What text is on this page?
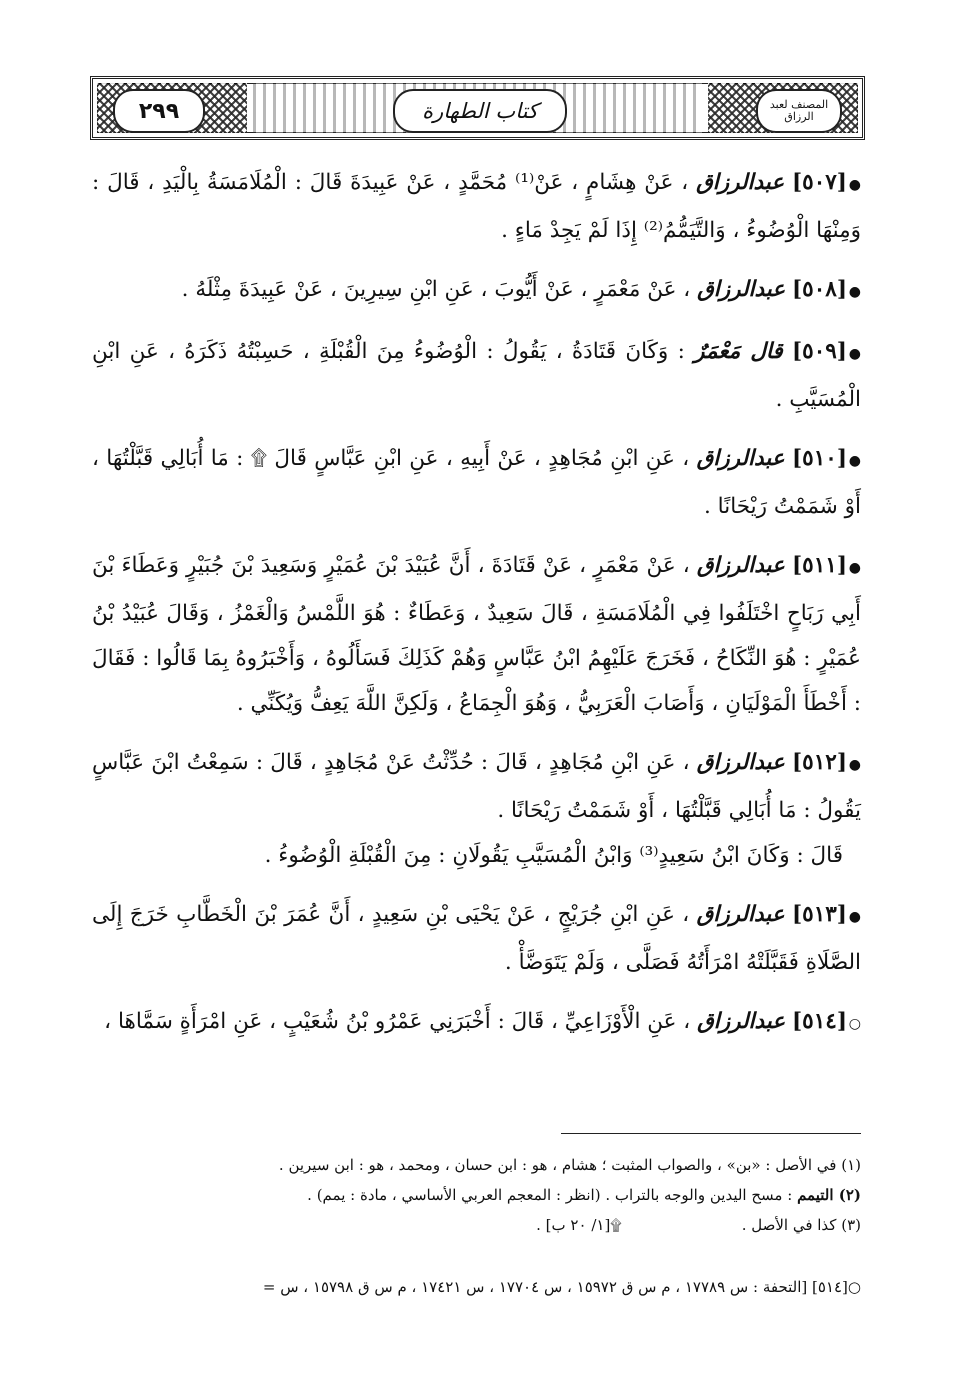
٢٩٩	كتاب الطهارة	المصنف لعبد الرزاق
●[٥٠٧] عبدالرزاق ، عَنْ هِشَامٍ ، عَنْ⁽¹⁾ مُحَمَّدٍ ، عَنْ عَبِيدَةَ قَالَ : الْمُلَامَسَةُ بِالْيَدِ ، قَالَ : وَمِنْهَا الْوُضُوءُ ، وَالتَّيَمُّمُ⁽²⁾ إِذَا لَمْ يَجِدْ مَاءٍ .
●[٥٠٨] عبدالرزاق ، عَنْ مَعْمَرٍ ، عَنْ أَيُّوبَ ، عَنِ ابْنِ سِيرِينَ ، عَنْ عَبِيدَةَ مِثْلَهُ .
●[٥٠٩] قال مَعْمَرٌ : وَكَانَ قَتَادَةُ ، يَقُولُ : الْوُضُوءُ مِنَ الْقُبْلَةِ ، حَسِبْتُهُ ذَكَرَهُ ، عَنِ ابْنِ الْمُسَيَّبِ .
●[٥١٠] عبدالرزاق ، عَنِ ابْنِ مُجَاهِدٍ ، عَنْ أَبِيهِ ، عَنِ ابْنِ عَبَّاسٍ قَالَ ۩ : مَا أُبَالِي قَبَّلْتُهَا ، أَوْ شَمَمْتُ رَيْحَانًا .
●[٥١١] عبدالرزاق ، عَنْ مَعْمَرٍ ، عَنْ قَتَادَةَ ، أَنَّ عُبَيْدَ بْنَ عُمَيْرٍ وَسَعِيدَ بْنَ جُبَيْرٍ وَعَطَاءَ بْنَ أَبِي رَبَاحٍ اخْتَلَفُوا فِي الْمُلَامَسَةِ ، قَالَ سَعِيدٌ ، وَعَطَاءٌ : هُوَ اللَّمْسُ وَالْغَمْزُ ، وَقَالَ عُبَيْدُ بْنُ عُمَيْرٍ : هُوَ النِّكَاحُ ، فَخَرَجَ عَلَيْهِمُ ابْنُ عَبَّاسٍ وَهُمْ كَذَلِكَ فَسَأَلُوهُ ، وَأَخْبَرُوهُ بِمَا قَالُوا : فَقَالَ : أَخْطَأَ الْمَوْلَيَانِ ، وَأَصَابَ الْعَرَبِيُّ ، وَهُوَ الْجِمَاعُ ، وَلَكِنَّ اللَّهَ يَعِفُّ وَيُكَنِّي .
●[٥١٢] عبدالرزاق ، عَنِ ابْنِ مُجَاهِدٍ ، قَالَ : حُدِّثْتُ عَنْ مُجَاهِدٍ ، قَالَ : سَمِعْتُ ابْنَ عَبَّاسٍ يَقُولُ : مَا أُبَالِي قَبَّلْتُهَا ، أَوْ شَمَمْتُ رَيْحَانًا .
قَالَ : وَكَانَ ابْنُ سَعِيدٍ⁽³⁾ وَابْنُ الْمُسَيَّبِ يَقُولَانِ : مِنَ الْقُبْلَةِ الْوُضُوءُ .
●[٥١٣] عبدالرزاق ، عَنِ ابْنِ جُرَيْجٍ ، عَنْ يَحْيَى بْنِ سَعِيدٍ ، أَنَّ عُمَرَ بْنَ الْخَطَّابِ خَرَجَ إِلَى الصَّلَاةِ فَقَبَّلَتْهُ امْرَأَتُهُ فَصَلَّى ، وَلَمْ يَتَوَضَّأْ .
○[٥١٤] عبدالرزاق ، عَنِ الْأَوْزَاعِيِّ ، قَالَ : أَخْبَرَنِي عَمْرُو بْنُ شُعَيْبٍ ، عَنِ امْرَأَةٍ سَمَّاهَا ،
(١) في الأصل : «بن» ، والصواب المثبت ؛ هشام ، هو : ابن حسان ، ومحمد ، هو : ابن سيرين .
(٢) التيمم : مسح اليدين والوجه بالتراب . (انظر : المعجم العربي الأساسي ، مادة : يمم) .
(٣) كذا في الأصل .
۩[١/ ٢٠ ب] .
○[٥١٤] [التحفة : س ١٧٧٨٩ ، م س ق ١٥٩٧٢ ، س ١٧٧٠٤ ، س ١٧٤٢١ ، م س ق ١٥٧٩٨ ، س =
